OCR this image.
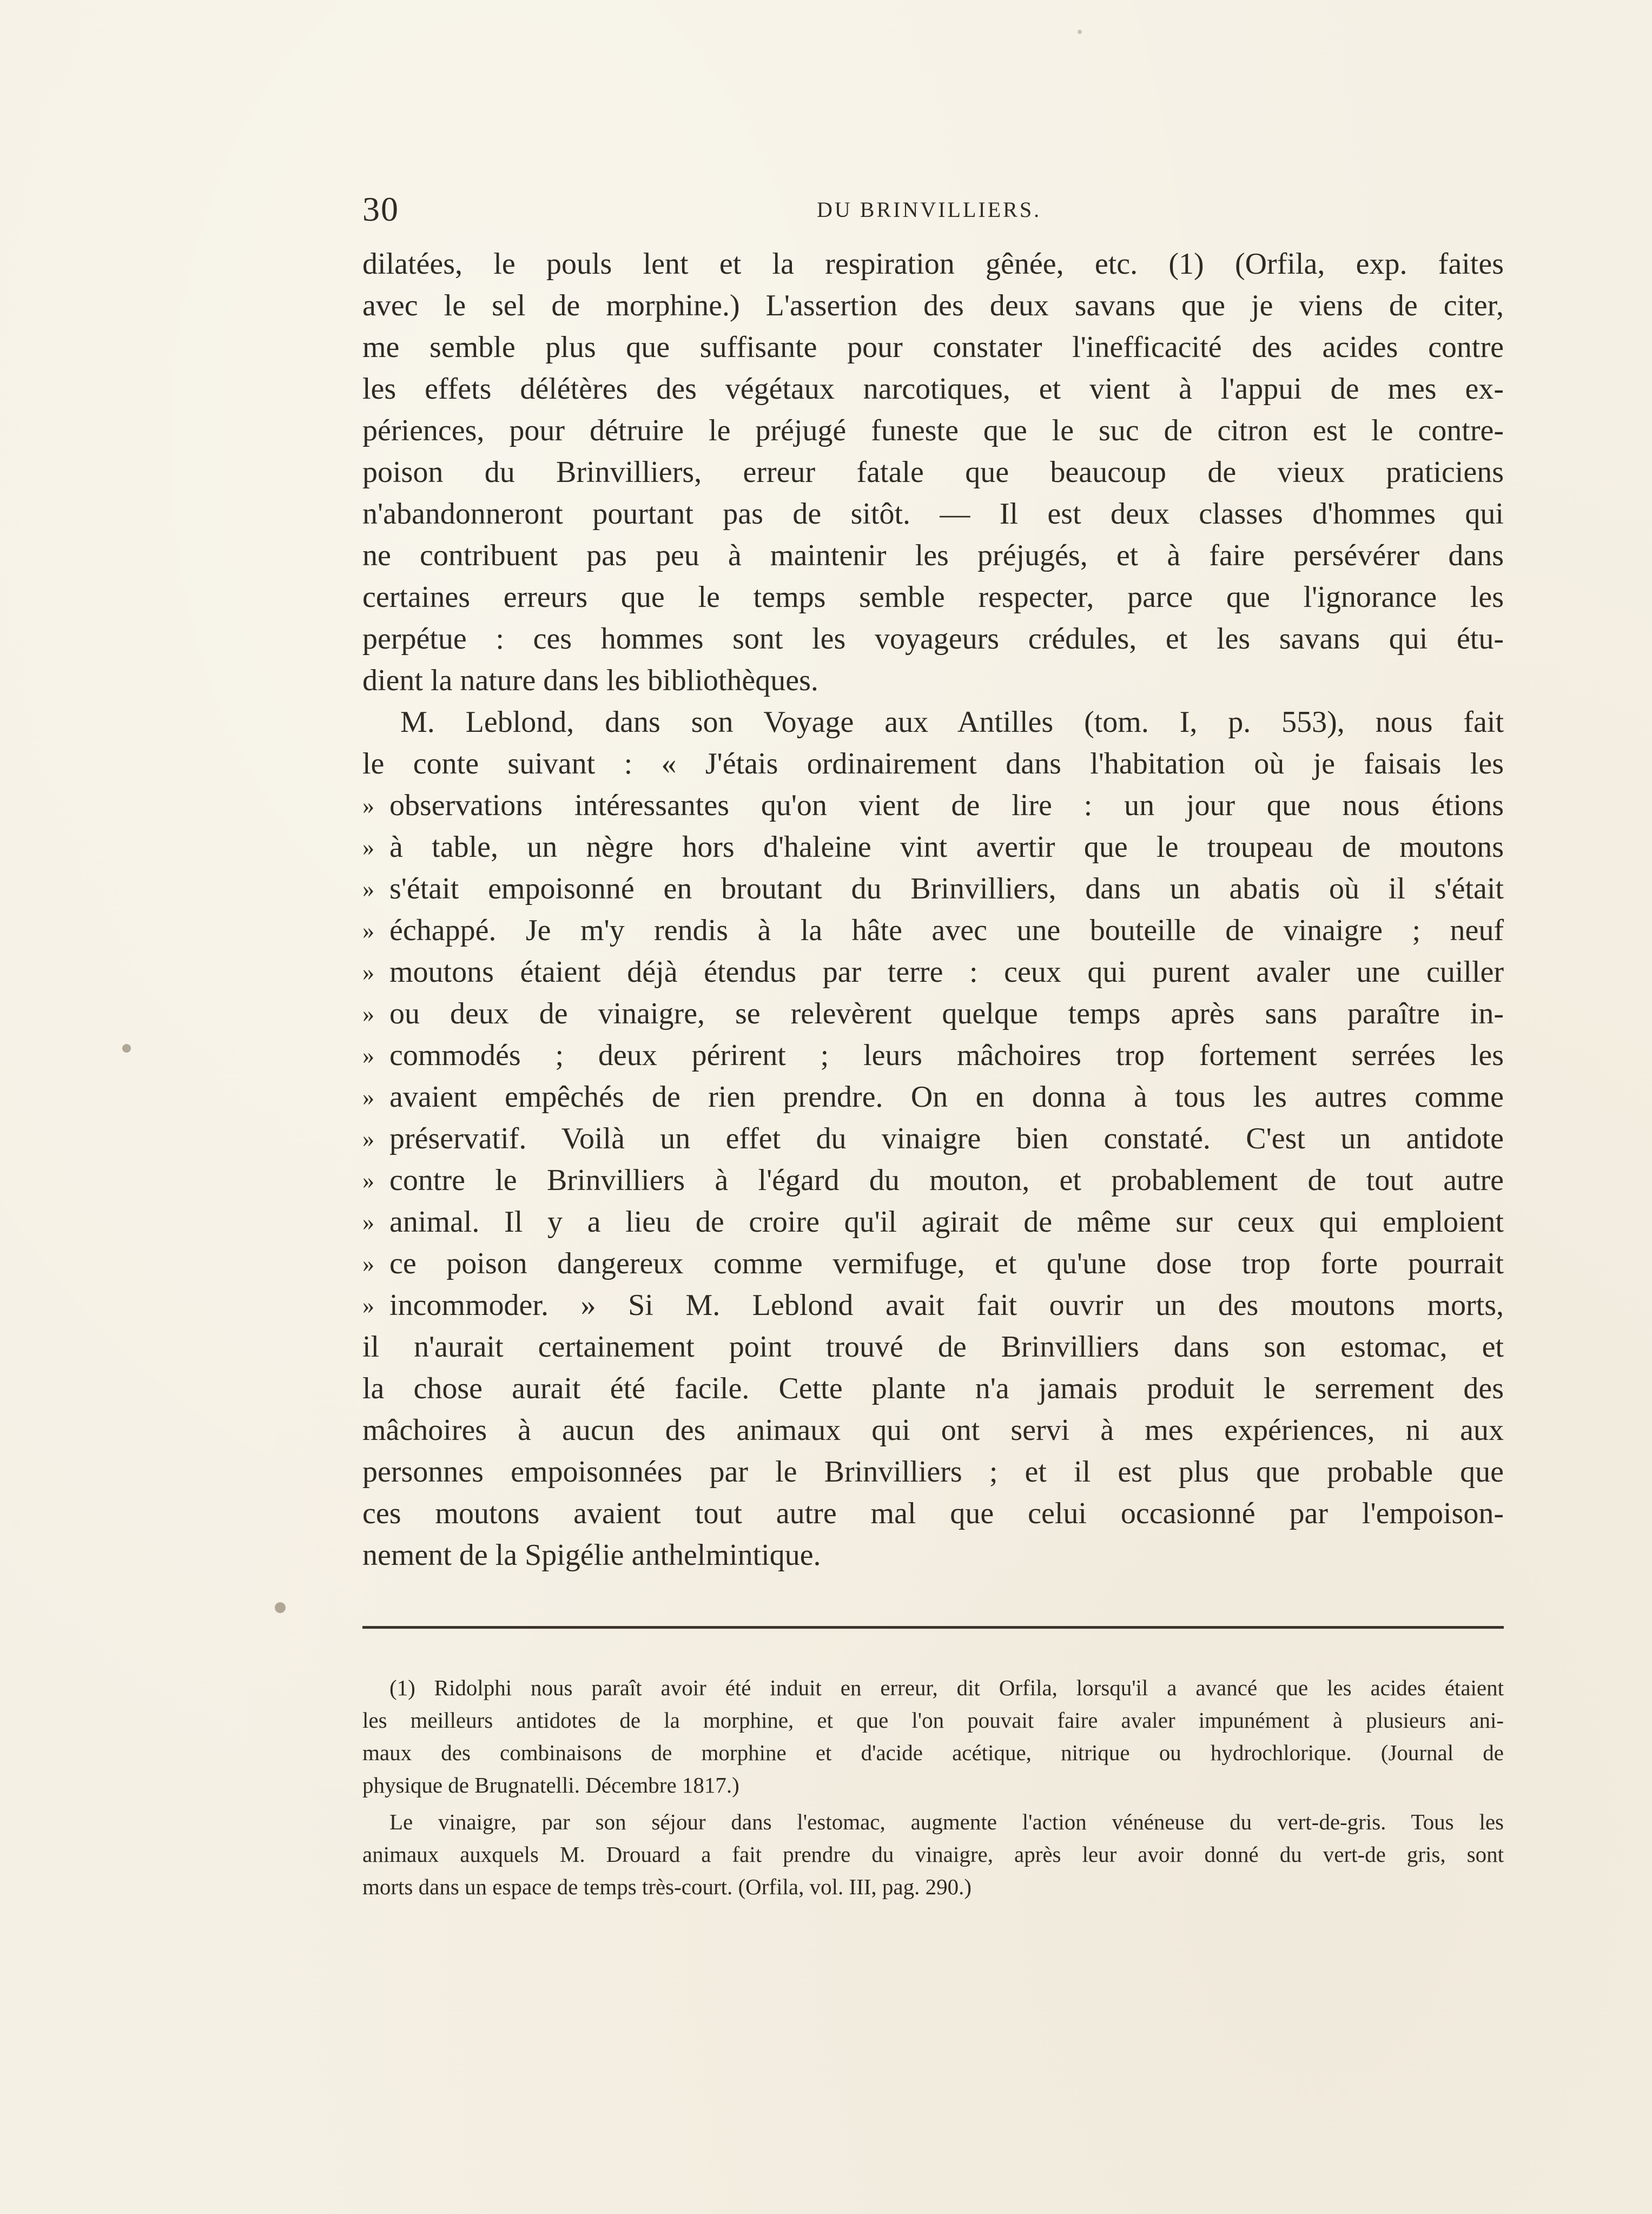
30	DU BRINVILLIERS.
dilatées, le pouls lent et la respiration gênée, etc. (1) (Orfila, exp. faites
avec le sel de morphine.) L'assertion des deux savans que je viens de citer,
me semble plus que suffisante pour constater l'inefficacité des acides contre
les effets délétères des végétaux narcotiques, et vient à l'appui de mes ex-
périences, pour détruire le préjugé funeste que le suc de citron est le contre-
poison du Brinvilliers, erreur fatale que beaucoup de vieux praticiens
n'abandonneront pourtant pas de sitôt. — Il est deux classes d'hommes qui
ne contribuent pas peu à maintenir les préjugés, et à faire persévérer dans
certaines erreurs que le temps semble respecter, parce que l'ignorance les
perpétue : ces hommes sont les voyageurs crédules, et les savans qui étu-
dient la nature dans les bibliothèques.
M. Leblond, dans son Voyage aux Antilles (tom. I, p. 553), nous fait
le conte suivant : « J'étais ordinairement dans l'habitation où je faisais les
» observations intéressantes qu'on vient de lire : un jour que nous étions
» à table, un nègre hors d'haleine vint avertir que le troupeau de moutons
» s'était empoisonné en broutant du Brinvilliers, dans un abatis où il s'était
» échappé. Je m'y rendis à la hâte avec une bouteille de vinaigre ; neuf
» moutons étaient déjà étendus par terre : ceux qui purent avaler une cuiller
» ou deux de vinaigre, se relevèrent quelque temps après sans paraître in-
» commodés ; deux périrent ; leurs mâchoires trop fortement serrées les
» avaient empêchés de rien prendre. On en donna à tous les autres comme
» préservatif. Voilà un effet du vinaigre bien constaté. C'est un antidote
» contre le Brinvilliers à l'égard du mouton, et probablement de tout autre
» animal. Il y a lieu de croire qu'il agirait de même sur ceux qui emploient
» ce poison dangereux comme vermifuge, et qu'une dose trop forte pourrait
» incommoder. » Si M. Leblond avait fait ouvrir un des moutons morts,
il n'aurait certainement point trouvé de Brinvilliers dans son estomac, et
la chose aurait été facile. Cette plante n'a jamais produit le serrement des
mâchoires à aucun des animaux qui ont servi à mes expériences, ni aux
personnes empoisonnées par le Brinvilliers ; et il est plus que probable que
ces moutons avaient tout autre mal que celui occasionné par l'empoison-
nement de la Spigélie anthelmintique.
(1) Ridolphi nous paraît avoir été induit en erreur, dit Orfila, lorsqu'il a avancé que les acides étaient
les meilleurs antidotes de la morphine, et que l'on pouvait faire avaler impunément à plusieurs ani-
maux des combinaisons de morphine et d'acide acétique, nitrique ou hydrochlorique. (Journal de
physique de Brugnatelli. Décembre 1817.)
Le vinaigre, par son séjour dans l'estomac, augmente l'action vénéneuse du vert-de-gris. Tous les
animaux auxquels M. Drouard a fait prendre du vinaigre, après leur avoir donné du vert-de gris, sont
morts dans un espace de temps très-court. (Orfila, vol. III, pag. 290.)
